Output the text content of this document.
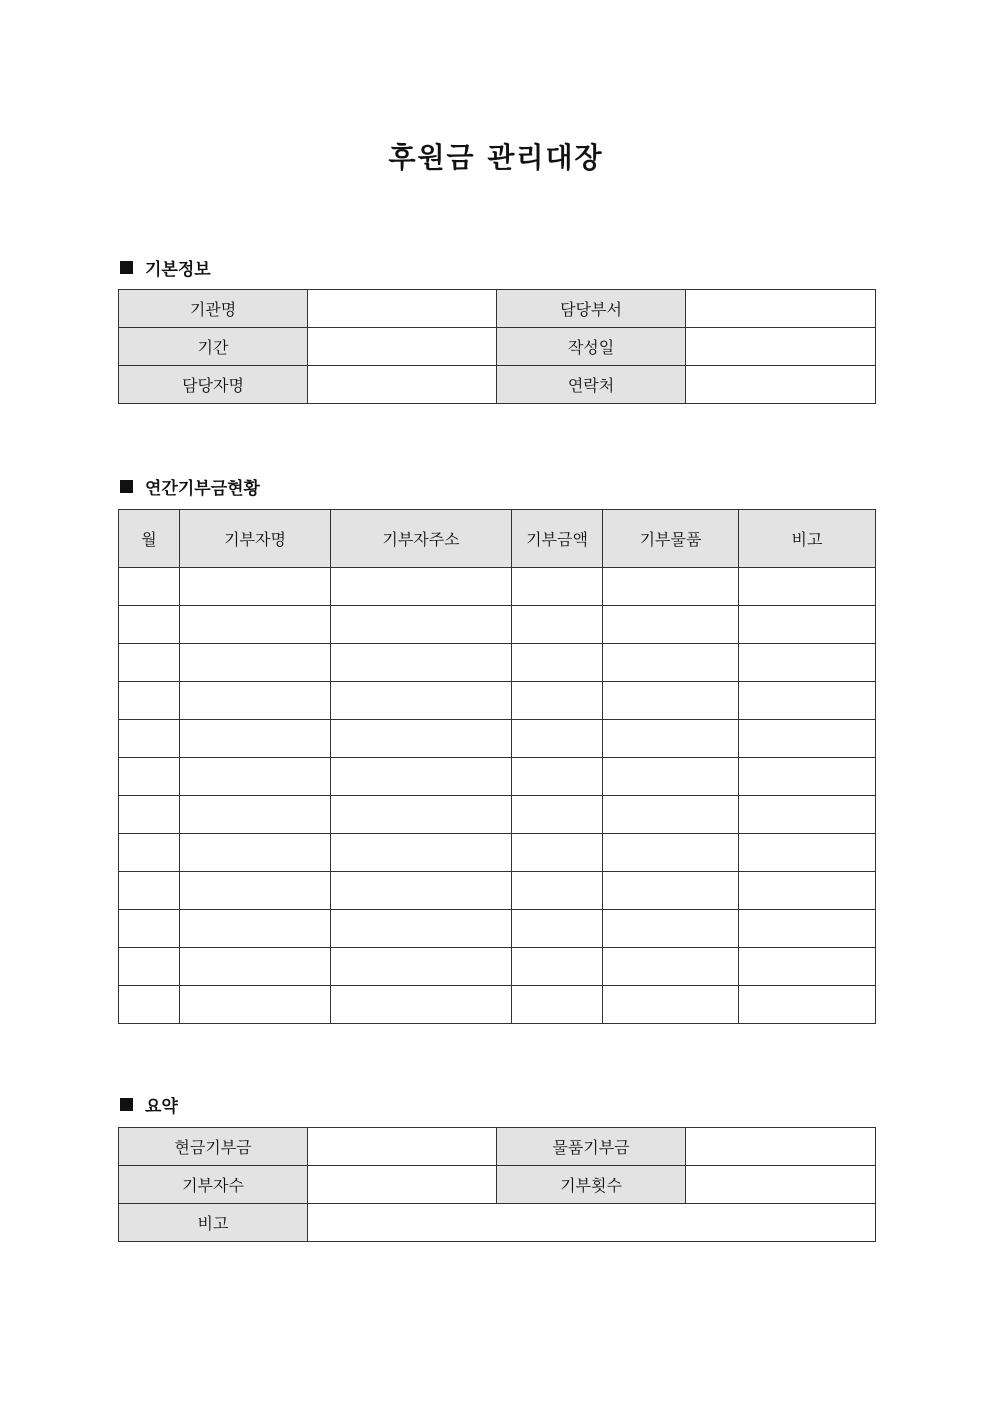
후원금 관리대장
기본정보
기관명		담당부서	
기간		작성일	
담당자명		연락처	
연간기부금현황
월	기부자명	기부자주소	기부금액	기부물품	비고

요약
현금기부금		물품기부금	
기부자수		기부횟수	
비고			
